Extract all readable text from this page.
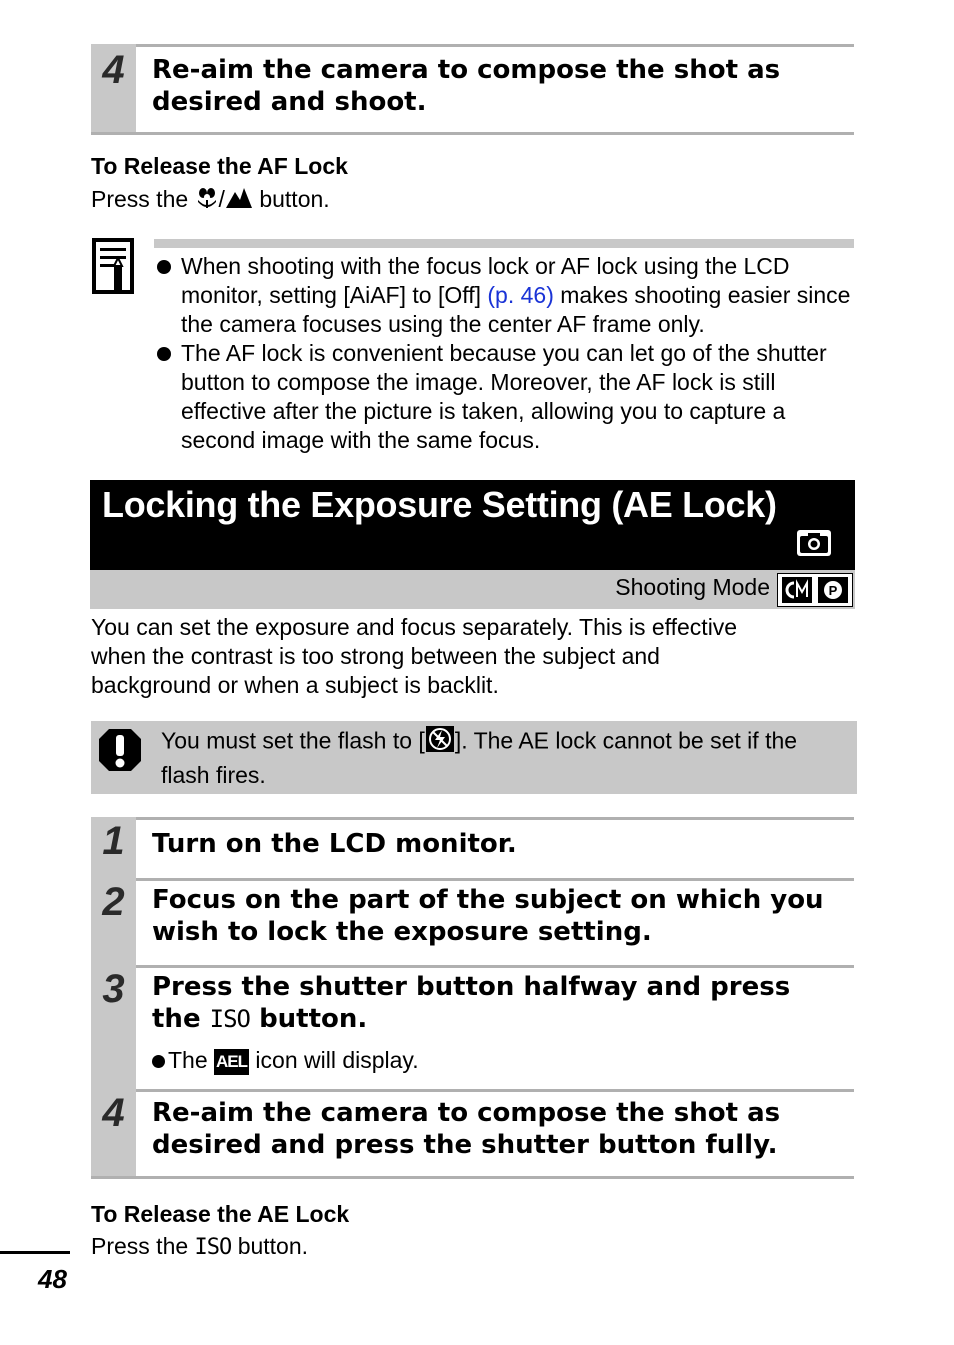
4	Re-aim the camera to compose the shot as desired and shoot.
To Release the AF Lock
Press the / button.
When shooting with the focus lock or AF lock using the LCD monitor, setting [AiAF] to [Off] (p. 46) makes shooting easier since the camera focuses using the center AF frame only.
The AF lock is convenient because you can let go of the shutter button to compose the image. Moreover, the AF lock is still effective after the picture is taken, allowing you to capture a second image with the same focus.
Locking the Exposure Setting (AE Lock)
Shooting Mode	P
You can set the exposure and focus separately. This is effective
when the contrast is too strong between the subject and
background or when a subject is backlit.
You must set the flash to [ ]. The AE lock cannot be set if the flash fires.
1	Turn on the LCD monitor.
2	Focus on the part of the subject on which you wish to lock the exposure setting.
3	Press the shutter button halfway and press the ISO button.
The AEL icon will display.
4	Re-aim the camera to compose the shot as desired and press the shutter button fully.
To Release the AE Lock
Press the ISO button.
48
